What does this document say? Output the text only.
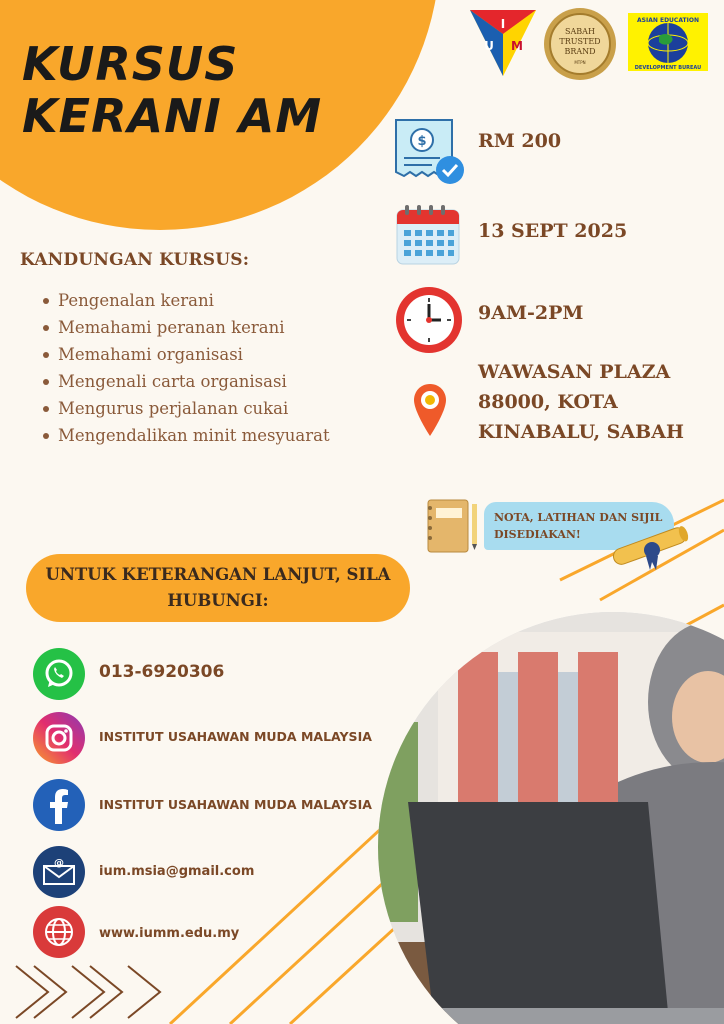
KURSUS
KERANI AM
I
U M
SABAH
TRUSTED
BRAND
MTPN
ASIAN EDUCATION
DEVELOPMENT BUREAU
$	RM 200
13 SEPT 2025
9AM-2PM
WAWASAN PLAZA
88000, KOTA
KINABALU, SABAH
KANDUNGAN KURSUS:
Pengenalan kerani
Memahami peranan kerani
Memahami organisasi
Mengenali carta organisasi
Mengurus perjalanan cukai
Mengendalikan minit mesyuarat
NOTA, LATIHAN DAN SIJIL
DISEDIAKAN!
UNTUK KETERANGAN LANJUT, SILA
HUBUNGI:
013-6920306
INSTITUT USAHAWAN MUDA MALAYSIA
INSTITUT USAHAWAN MUDA MALAYSIA
@
ium.msia@gmail.com
www.iumm.edu.my
